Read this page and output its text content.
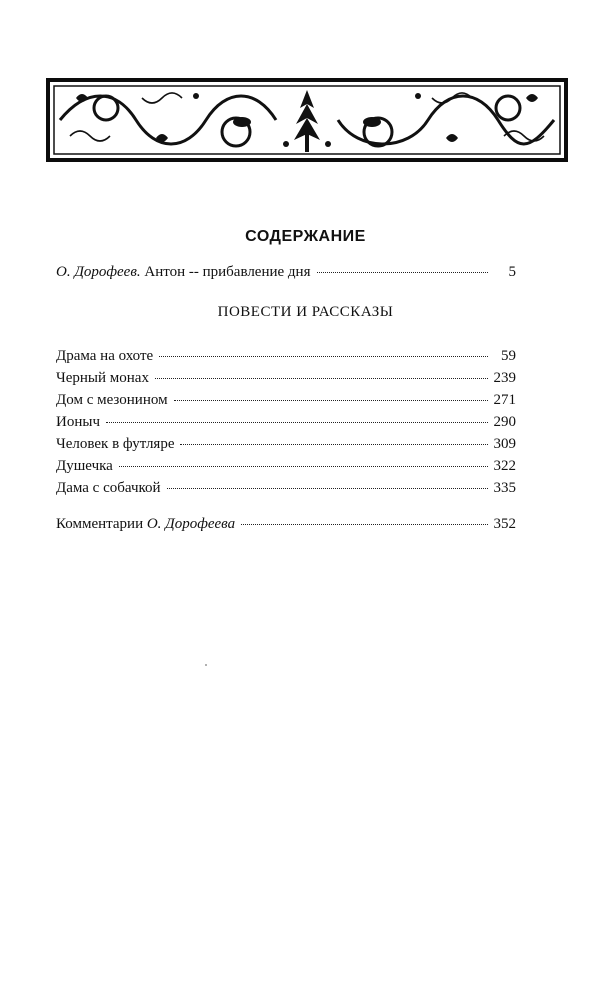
СОДЕРЖАНИЕ
О. Дорофеев. Антон -- прибавление дня	5
ПОВЕСТИ И РАССКАЗЫ
Драма на охоте	59
Черный монах	239
Дом с мезонином	271
Ионыч	290
Человек в футляре	309
Душечка	322
Дама с собачкой	335
Комментарии О. Дорофеева	352
